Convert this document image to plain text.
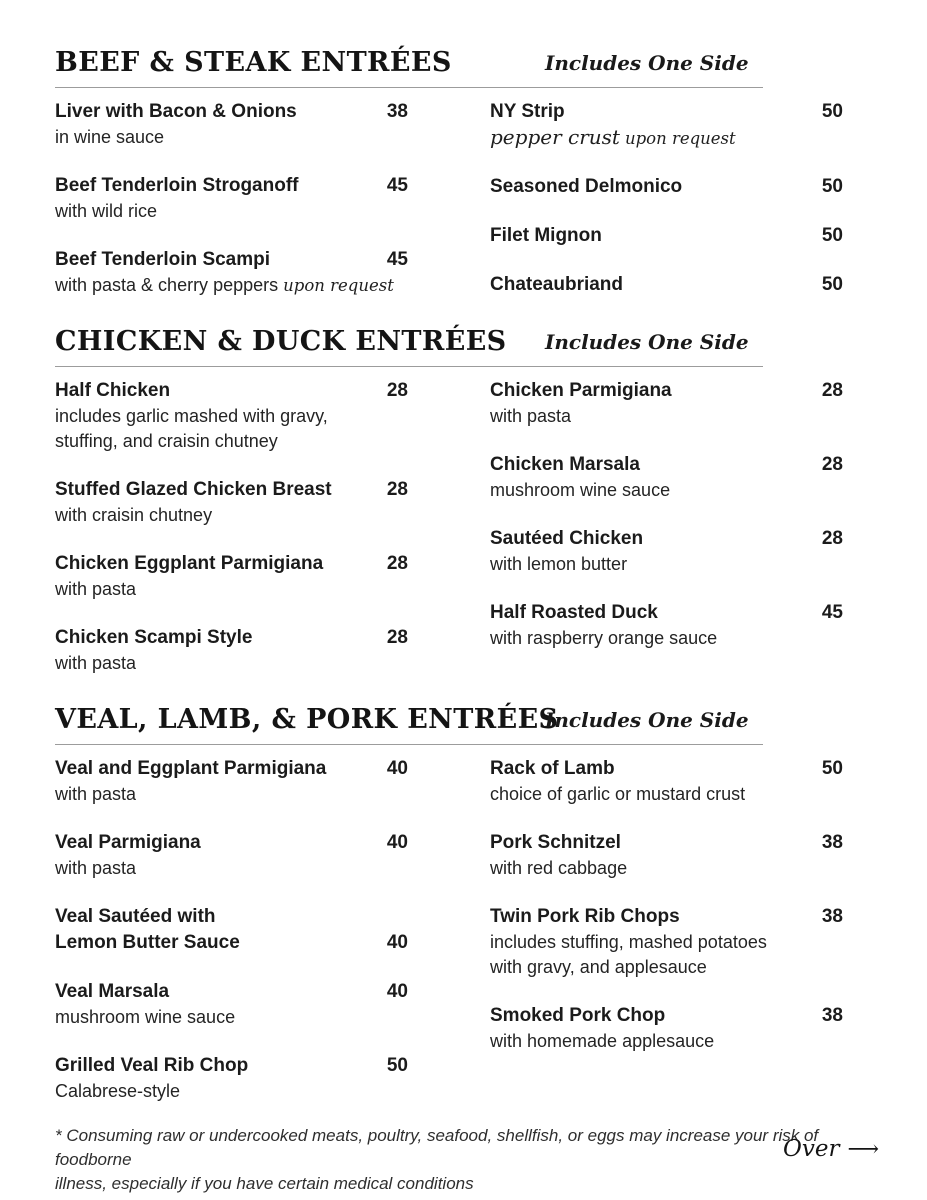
BEEF & STEAK ENTRÉES	Includes One Side
Liver with Bacon & Onions	38
in wine sauce
Beef Tenderloin Stroganoff	45
with wild rice
Beef Tenderloin Scampi	45
with pasta & cherry peppers upon request
NY Strip	50
pepper crust upon request
Seasoned Delmonico	50
Filet Mignon	50
Chateaubriand	50
CHICKEN & DUCK ENTRÉES	Includes One Side
Half Chicken	28
includes garlic mashed with gravy,
stuffing, and craisin chutney
Stuffed Glazed Chicken Breast	28
with craisin chutney
Chicken Eggplant Parmigiana	28
with pasta
Chicken Scampi Style	28
with pasta
Chicken Parmigiana	28
with pasta
Chicken Marsala	28
mushroom wine sauce
Sautéed Chicken	28
with lemon butter
Half Roasted Duck	45
with raspberry orange sauce
VEAL, LAMB, & PORK ENTRÉES
Includes One Side
Veal and Eggplant Parmigiana	40
with pasta
Veal Parmigiana	40
with pasta
Veal Sautéed with
Lemon Butter Sauce	40
Veal Marsala	40
mushroom wine sauce
Grilled Veal Rib Chop	50
Calabrese-style
Rack of Lamb	50
choice of garlic or mustard crust
Pork Schnitzel	38
with red cabbage
Twin Pork Rib Chops	38
includes stuffing, mashed potatoes
with gravy, and applesauce
Smoked Pork Chop	38
with homemade applesauce
* Consuming raw or undercooked meats, poultry, seafood, shellfish, or eggs may increase your risk of foodborne
illness, especially if you have certain medical conditions
Over ⟶
